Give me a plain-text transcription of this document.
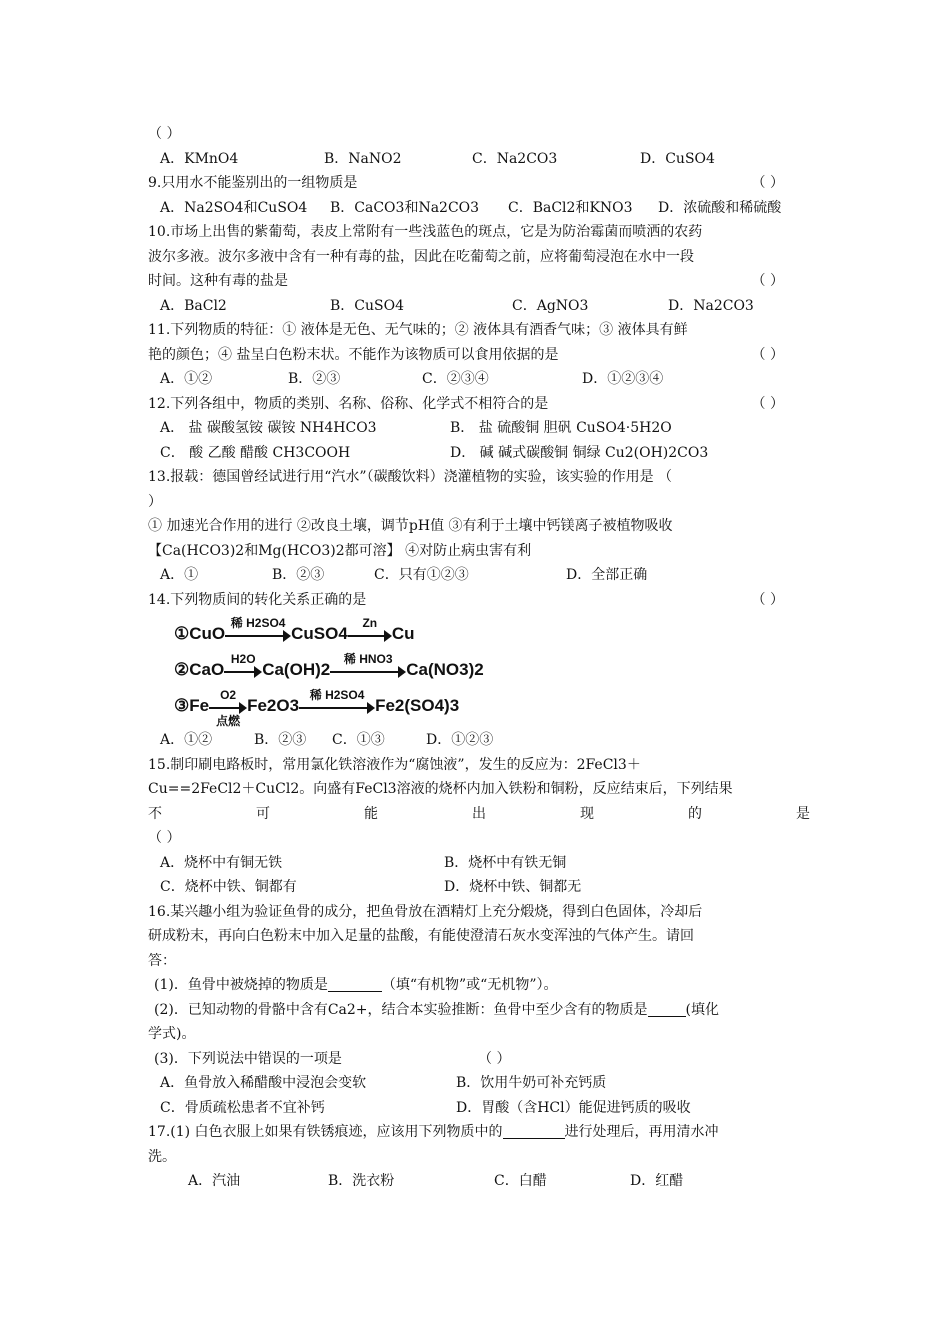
（ ）
A．KMnO4	B．NaNO2	C．Na2CO3	D．CuSO4
9.只用水不能鉴别出的一组物质是	（ ）
A．Na2SO4和CuSO4	B．CaCO3和Na2CO3	C．BaCl2和KNO3	D．浓硫酸和稀硫酸
10.市场上出售的紫葡萄，表皮上常附有一些浅蓝色的斑点，它是为防治霉菌而喷洒的农药
波尔多液。波尔多液中含有一种有毒的盐，因此在吃葡萄之前，应将葡萄浸泡在水中一段
时间。这种有毒的盐是	（ ）
A．BaCl2	B．CuSO4	C．AgNO3	D．Na2CO3
11.下列物质的特征：① 液体是无色、无气味的；② 液体具有酒香气味；③ 液体具有鲜
艳的颜色；④ 盐呈白色粉末状。不能作为该物质可以食用依据的是	（ ）
A．①②	B．②③	C．②③④	D．①②③④
12.下列各组中，物质的类别、名称、俗称、化学式不相符合的是	（ ）
A． 盐 碳酸氢铵 碳铵 NH4HCO3	B． 盐 硫酸铜 胆矾 CuSO4·5H2O
C． 酸 乙酸 醋酸 CH3COOH	D． 碱 碱式碳酸铜 铜绿 Cu2(OH)2CO3
13.报载：德国曾经试进行用“汽水”（碳酸饮料）浇灌植物的实验，该实验的作用是 （
）
① 加速光合作用的进行 ②改良土壤，调节pH值 ③有利于土壤中钙镁离子被植物吸收
【Ca(HCO3)2和Mg(HCO3)2都可溶】 ④对防止病虫害有利
A．①	B．②③	C．只有①②③	D．全部正确
14.下列物质间的转化关系正确的是	（ ）
①CuO
稀 H2SO4
CuSO4
Zn
Cu
②CaO
H2O
Ca(OH)2
稀 HNO3
Ca(NO3)2
③Fe
O2
点燃
Fe2O3
稀 H2SO4
Fe2(SO4)3
A．①②	B．②③	C．①③	D．①②③
15.制印刷电路板时，常用氯化铁溶液作为“腐蚀液”，发生的反应为：2FeCl3＋
Cu==2FeCl2＋CuCl2。向盛有FeCl3溶液的烧杯内加入铁粉和铜粉，反应结束后，下列结果
不	可	能	出	现	的	是
（ ）
A．烧杯中有铜无铁	B．烧杯中有铁无铜
C．烧杯中铁、铜都有	D．烧杯中铁、铜都无
16.某兴趣小组为验证鱼骨的成分，把鱼骨放在酒精灯上充分煅烧，得到白色固体，冷却后
研成粉末，再向白色粉末中加入足量的盐酸，有能使澄清石灰水变浑浊的气体产生。请回
答：
(1)．鱼骨中被烧掉的物质是	（填“有机物”或“无机物”）。
(2)．已知动物的骨骼中含有Ca2+，结合本实验推断：鱼骨中至少含有的物质是	(填化
学式)。
(3)．下列说法中错误的一项是	（ ）
A．鱼骨放入稀醋酸中浸泡会变软	B．饮用牛奶可补充钙质
C．骨质疏松患者不宜补钙	D．胃酸（含HCl）能促进钙质的吸收
17.(1) 白色衣服上如果有铁锈痕迹，应该用下列物质中的	进行处理后，再用清水冲
洗。
A．汽油	B．洗衣粉	C．白醋	D．红醋
